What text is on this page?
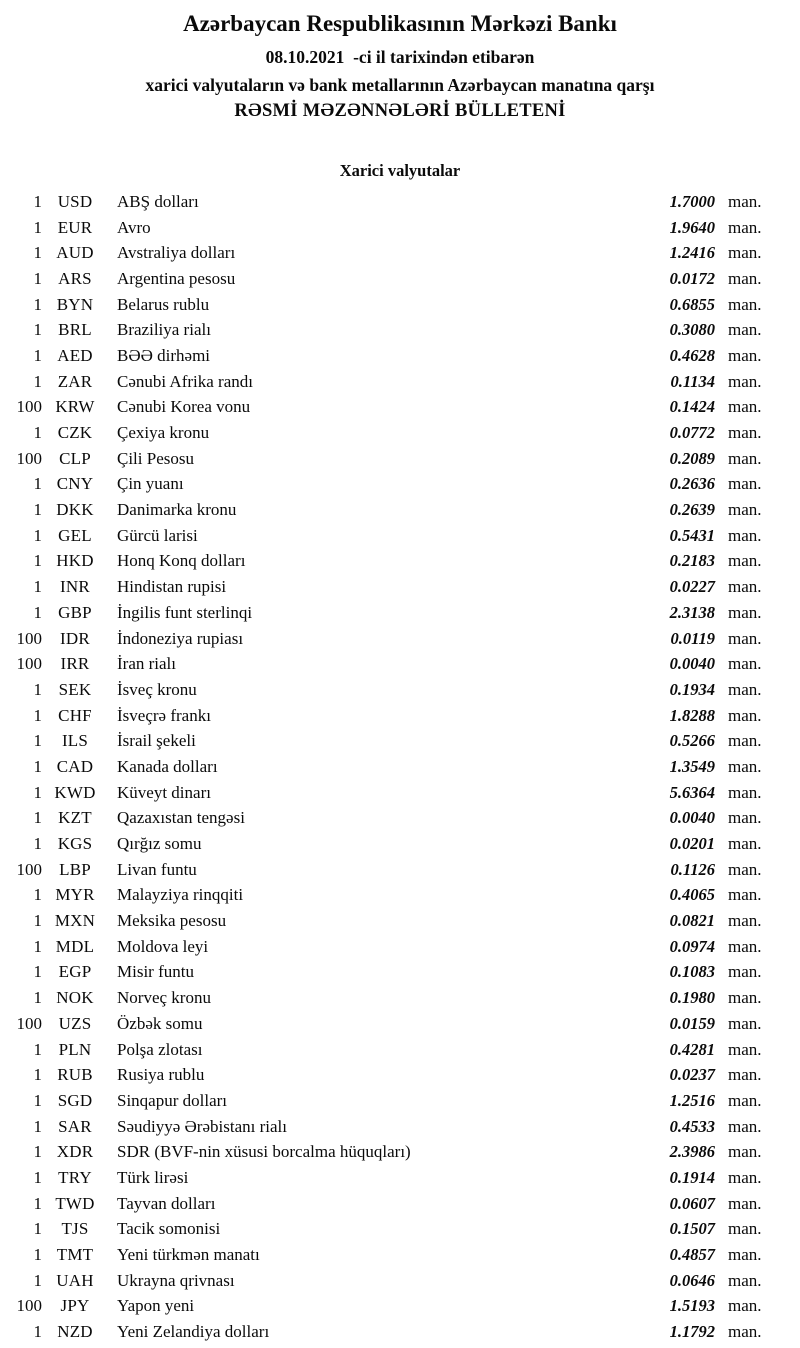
Azərbaycan Respublikasının Mərkəzi Bankı
08.10.2021  -ci il tarixindən etibarən
xarici valyutaların və bank metallarının Azərbaycan manatına qarşı
RƏSMİ MƏZƏNNƏLƏRİ BÜLLETENİ
Xarici valyutalar
1 USD	ABŞ dolları	1.7000 man.
1 EUR	Avro	1.9640 man.
1 AUD	Avstraliya dolları	1.2416 man.
1 ARS	Argentina pesosu	0.0172 man.
1 BYN	Belarus rublu	0.6855 man.
1 BRL	Braziliya rialı	0.3080 man.
1 AED	BƏƏ dirhəmi	0.4628 man.
1 ZAR	Cənubi Afrika randı	0.1134 man.
100 KRW	Cənubi Korea vonu	0.1424 man.
1 CZK	Çexiya kronu	0.0772 man.
100	CLP	Çili Pesosu	0.2089 man.
1 CNY	Çin yuanı	0.2636 man.
1 DKK	Danimarka kronu	0.2639 man.
1 GEL	Gürcü larisi	0.5431 man.
1 HKD	Honq Konq dolları	0.2183 man.
1	INR	Hindistan rupisi	0.0227 man.
1 GBP	İngilis funt sterlinqi	2.3138 man.
100	IDR	İndoneziya rupiası	0.0119 man.
100	IRR	İran rialı	0.0040 man.
1 SEK	İsveç kronu	0.1934 man.
1 CHF	İsveçrə frankı	1.8288 man.
1	ILS	İsrail şekeli	0.5266 man.
1 CAD	Kanada dolları	1.3549 man.
1 KWD	Küveyt dinarı	5.6364 man.
1 KZT	Qazaxıstan tengəsi	0.0040 man.
1 KGS	Qırğız somu	0.0201 man.
100	LBP	Livan funtu	0.1126 man.
1 MYR	Malayziya rinqqiti	0.4065 man.
1 MXN	Meksika pesosu	0.0821 man.
1 MDL	Moldova leyi	0.0974 man.
1 EGP	Misir funtu	0.1083 man.
1 NOK	Norveç kronu	0.1980 man.
100 UZS	Özbək somu	0.0159 man.
1 PLN	Polşa zlotası	0.4281 man.
1 RUB	Rusiya rublu	0.0237 man.
1 SGD	Sinqapur dolları	1.2516 man.
1 SAR	Səudiyyə Ərəbistanı rialı	0.4533 man.
1 XDR	SDR (BVF-nin xüsusi borcalma hüquqları)	2.3986 man.
1 TRY	Türk lirəsi	0.1914 man.
1 TWD	Tayvan dolları	0.0607 man.
1	TJS	Tacik somonisi	0.1507 man.
1 TMT	Yeni türkmən manatı	0.4857 man.
1 UAH	Ukrayna qrivnası	0.0646 man.
100	JPY	Yapon yeni	1.5193 man.
1 NZD	Yeni Zelandiya dolları	1.1792 man.
